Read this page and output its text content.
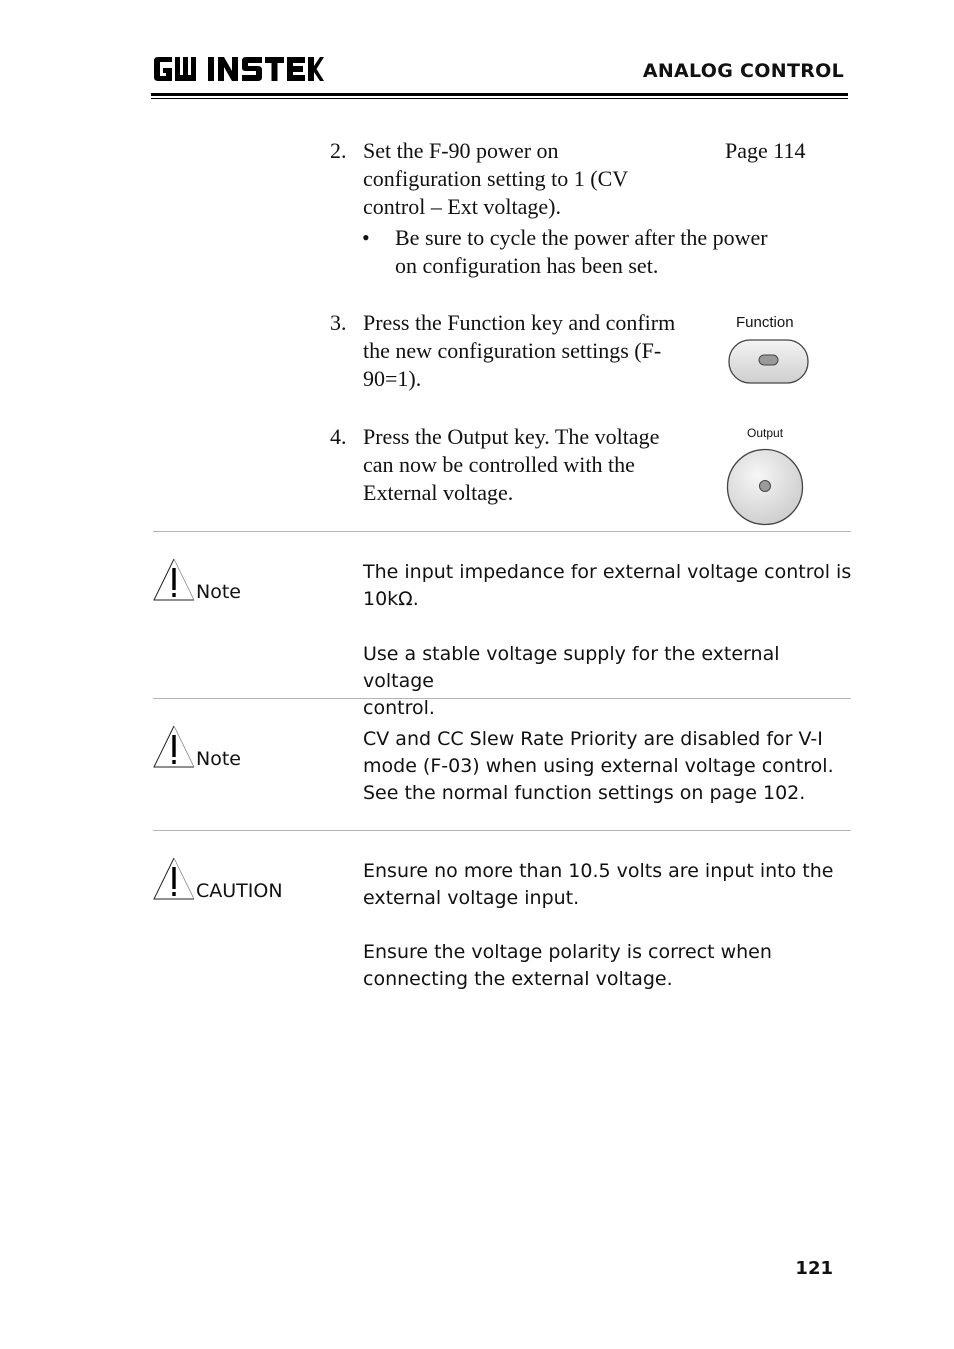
ANALOG CONTROL
2. Set the F-90 power on
configuration setting to 1 (CV
control – Ext voltage).
Page 114
•	Be sure to cycle the power after the power
on configuration has been set.
3. Press the Function key and confirm
the new configuration settings (F-
90=1).
Function
4. Press the Output key. The voltage
can now be controlled with the
External voltage.
Output
Note
The input impedance for external voltage control is
10kΩ.
Use a stable voltage supply for the external voltage
control.
Note
CV and CC Slew Rate Priority are disabled for V-I
mode (F-03) when using external voltage control.
See the normal function settings on page 102.
CAUTION
Ensure no more than 10.5 volts are input into the
external voltage input.
Ensure the voltage polarity is correct when
connecting the external voltage.
121
